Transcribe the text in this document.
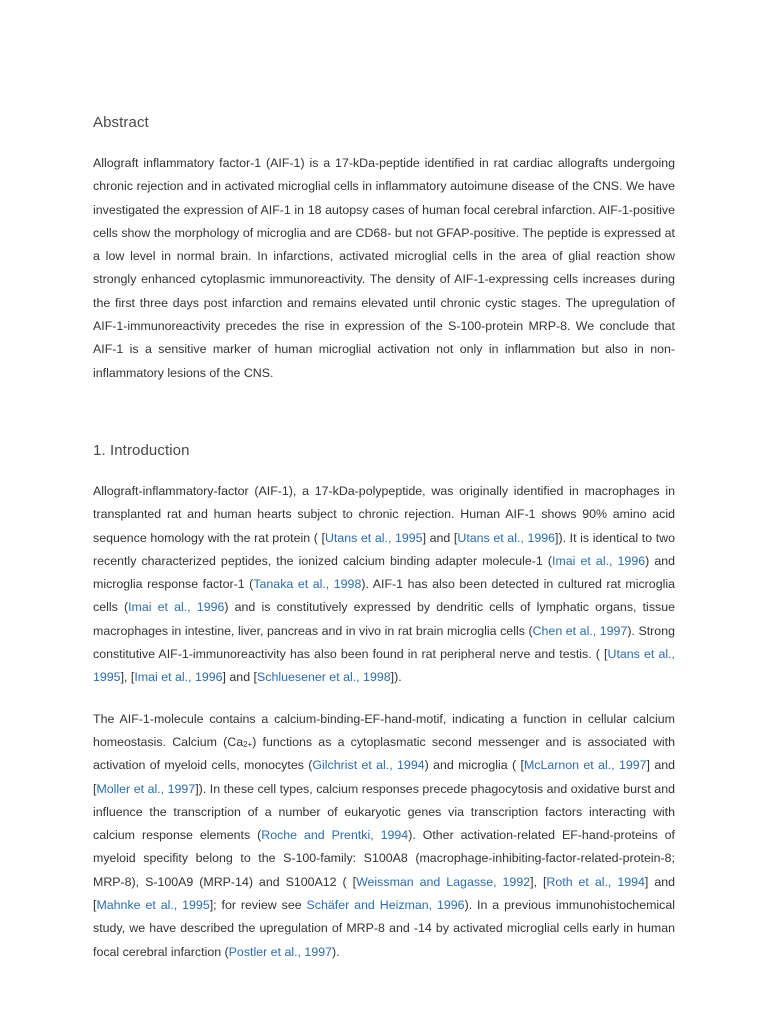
Abstract

Allograft inflammatory factor-1 (AIF-1) is a 17-kDa-peptide identified in rat cardiac allografts undergoing chronic rejection and in activated microglial cells in inflammatory autoimune disease of the CNS. We have investigated the expression of AIF-1 in 18 autopsy cases of human focal cerebral infarction. AIF-1-positive cells show the morphology of microglia and are CD68- but not GFAP-positive. The peptide is expressed at a low level in normal brain. In infarctions, activated microglial cells in the area of glial reaction show strongly enhanced cytoplasmic immunoreactivity. The density of AIF-1-expressing cells increases during the first three days post infarction and remains elevated until chronic cystic stages. The upregulation of AIF-1-immunoreactivity precedes the rise in expression of the S-100-protein MRP-8. We conclude that AIF-1 is a sensitive marker of human microglial activation not only in inflammation but also in non-inflammatory lesions of the CNS.

1. Introduction

Allograft-inflammatory-factor (AIF-1), a 17-kDa-polypeptide, was originally identified in macrophages in transplanted rat and human hearts subject to chronic rejection. Human AIF-1 shows 90% amino acid sequence homology with the rat protein ( [Utans et al., 1995] and [Utans et al., 1996]). It is identical to two recently characterized peptides, the ionized calcium binding adapter molecule-1 (Imai et al., 1996) and microglia response factor-1 (Tanaka et al., 1998). AIF-1 has also been detected in cultured rat microglia cells (Imai et al., 1996) and is constitutively expressed by dendritic cells of lymphatic organs, tissue macrophages in intestine, liver, pancreas and in vivo in rat brain microglia cells (Chen et al., 1997). Strong constitutive AIF-1-immunoreactivity has also been found in rat peripheral nerve and testis. ( [Utans et al., 1995], [Imai et al., 1996] and [Schluesener et al., 1998]).

The AIF-1-molecule contains a calcium-binding-EF-hand-motif, indicating a function in cellular calcium homeostasis. Calcium $(Ca^{2+})$ functions as a cytoplasmatic second messenger and is associated with activation of myeloid cells, monocytes (Gilchrist et al., 1994) and microglia ( [McLarnon et al., 1997] and [Moller et al., 1997]). In these cell types, calcium responses precede phagocytosis and oxidative burst and influence the transcription of a number of eukaryotic genes via transcription factors interacting with calcium response elements (Roche and Prentki, 1994). Other activation-related EF-hand-proteins of myeloid specifity belong to the S-100-family: S100A8 (macrophage-inhibiting-factor-related-protein-8; MRP-8), S-100A9 (MRP-14) and S100A12 ( [Weissman and Lagasse, 1992], [Roth et al., 1994] and [Mahnke et al., 1995]; for review see Schäfer and Heizman, 1996). In a previous immunohistochemical study, we have described the upregulation of MRP-8 and -14 by activated microglial cells early in human focal cerebral infarction (Postler et al., 1997).
